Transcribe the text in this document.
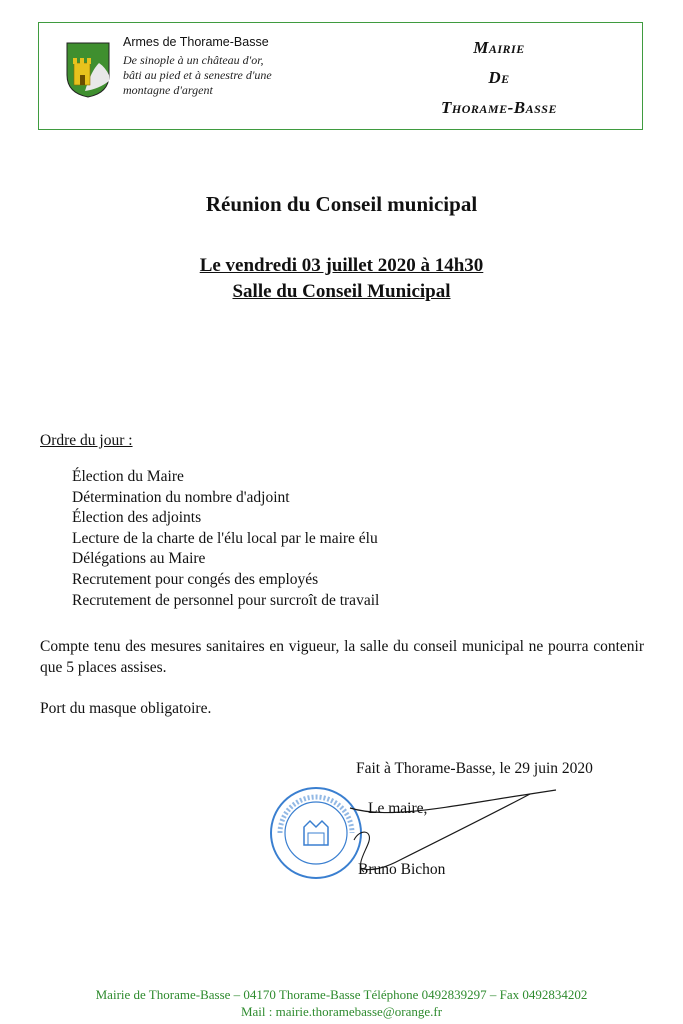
Armes de Thorame-Basse
De sinople à un château d'or, bâti au pied et à senestre d'une montagne d'argent
Mairie
De
Thorame-Basse
Réunion du Conseil municipal
Le vendredi 03 juillet 2020 à 14h30
Salle du Conseil Municipal
Ordre du jour :
Élection du Maire
Détermination du nombre d'adjoint
Élection des adjoints
Lecture de la charte de l'élu local par le maire élu
Délégations au Maire
Recrutement pour congés des employés
Recrutement de personnel pour surcroît de travail
Compte tenu des mesures sanitaires en vigueur, la salle du conseil municipal ne pourra contenir que 5 places assises.
Port du masque obligatoire.
Fait à Thorame-Basse, le 29 juin 2020
Le maire,
Bruno Bichon
Mairie de Thorame-Basse – 04170 Thorame-Basse Téléphone 0492839297 – Fax 0492834202
Mail : mairie.thoramebasse@orange.fr
